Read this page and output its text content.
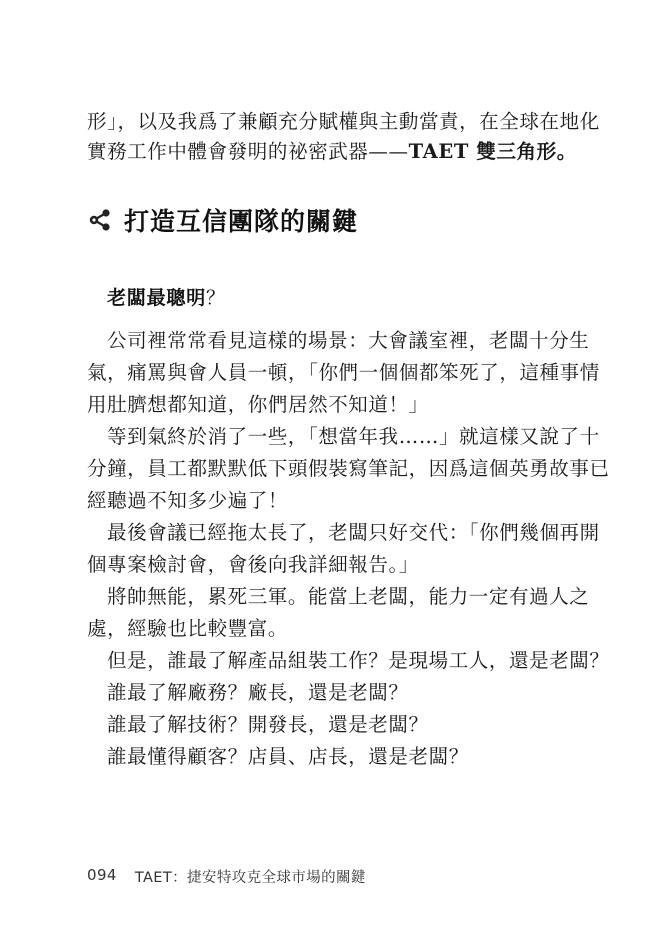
形」，以及我爲了兼顧充分賦權與主動當責，在全球在地化
實務工作中體會發明的祕密武器——TAET 雙三角形。
打造互信團隊的關鍵
老闆最聰明？
公司裡常常看見這樣的場景：大會議室裡，老闆十分生
氣，痛罵與會人員一頓，「你們一個個都笨死了，這種事情
用肚臍想都知道，你們居然不知道！」
等到氣終於消了一些，「想當年我……」就這樣又說了十
分鐘，員工都默默低下頭假裝寫筆記，因爲這個英勇故事已
經聽過不知多少遍了！
最後會議已經拖太長了，老闆只好交代：「你們幾個再開
個專案檢討會，會後向我詳細報告。」
將帥無能，累死三軍。能當上老闆，能力一定有過人之
處，經驗也比較豐富。
但是，誰最了解產品組裝工作？是現場工人，還是老闆？
誰最了解廠務？廠長，還是老闆？
誰最了解技術？開發長，還是老闆？
誰最懂得顧客？店員、店長，還是老闆？
094 TAET：捷安特攻克全球市場的關鍵
